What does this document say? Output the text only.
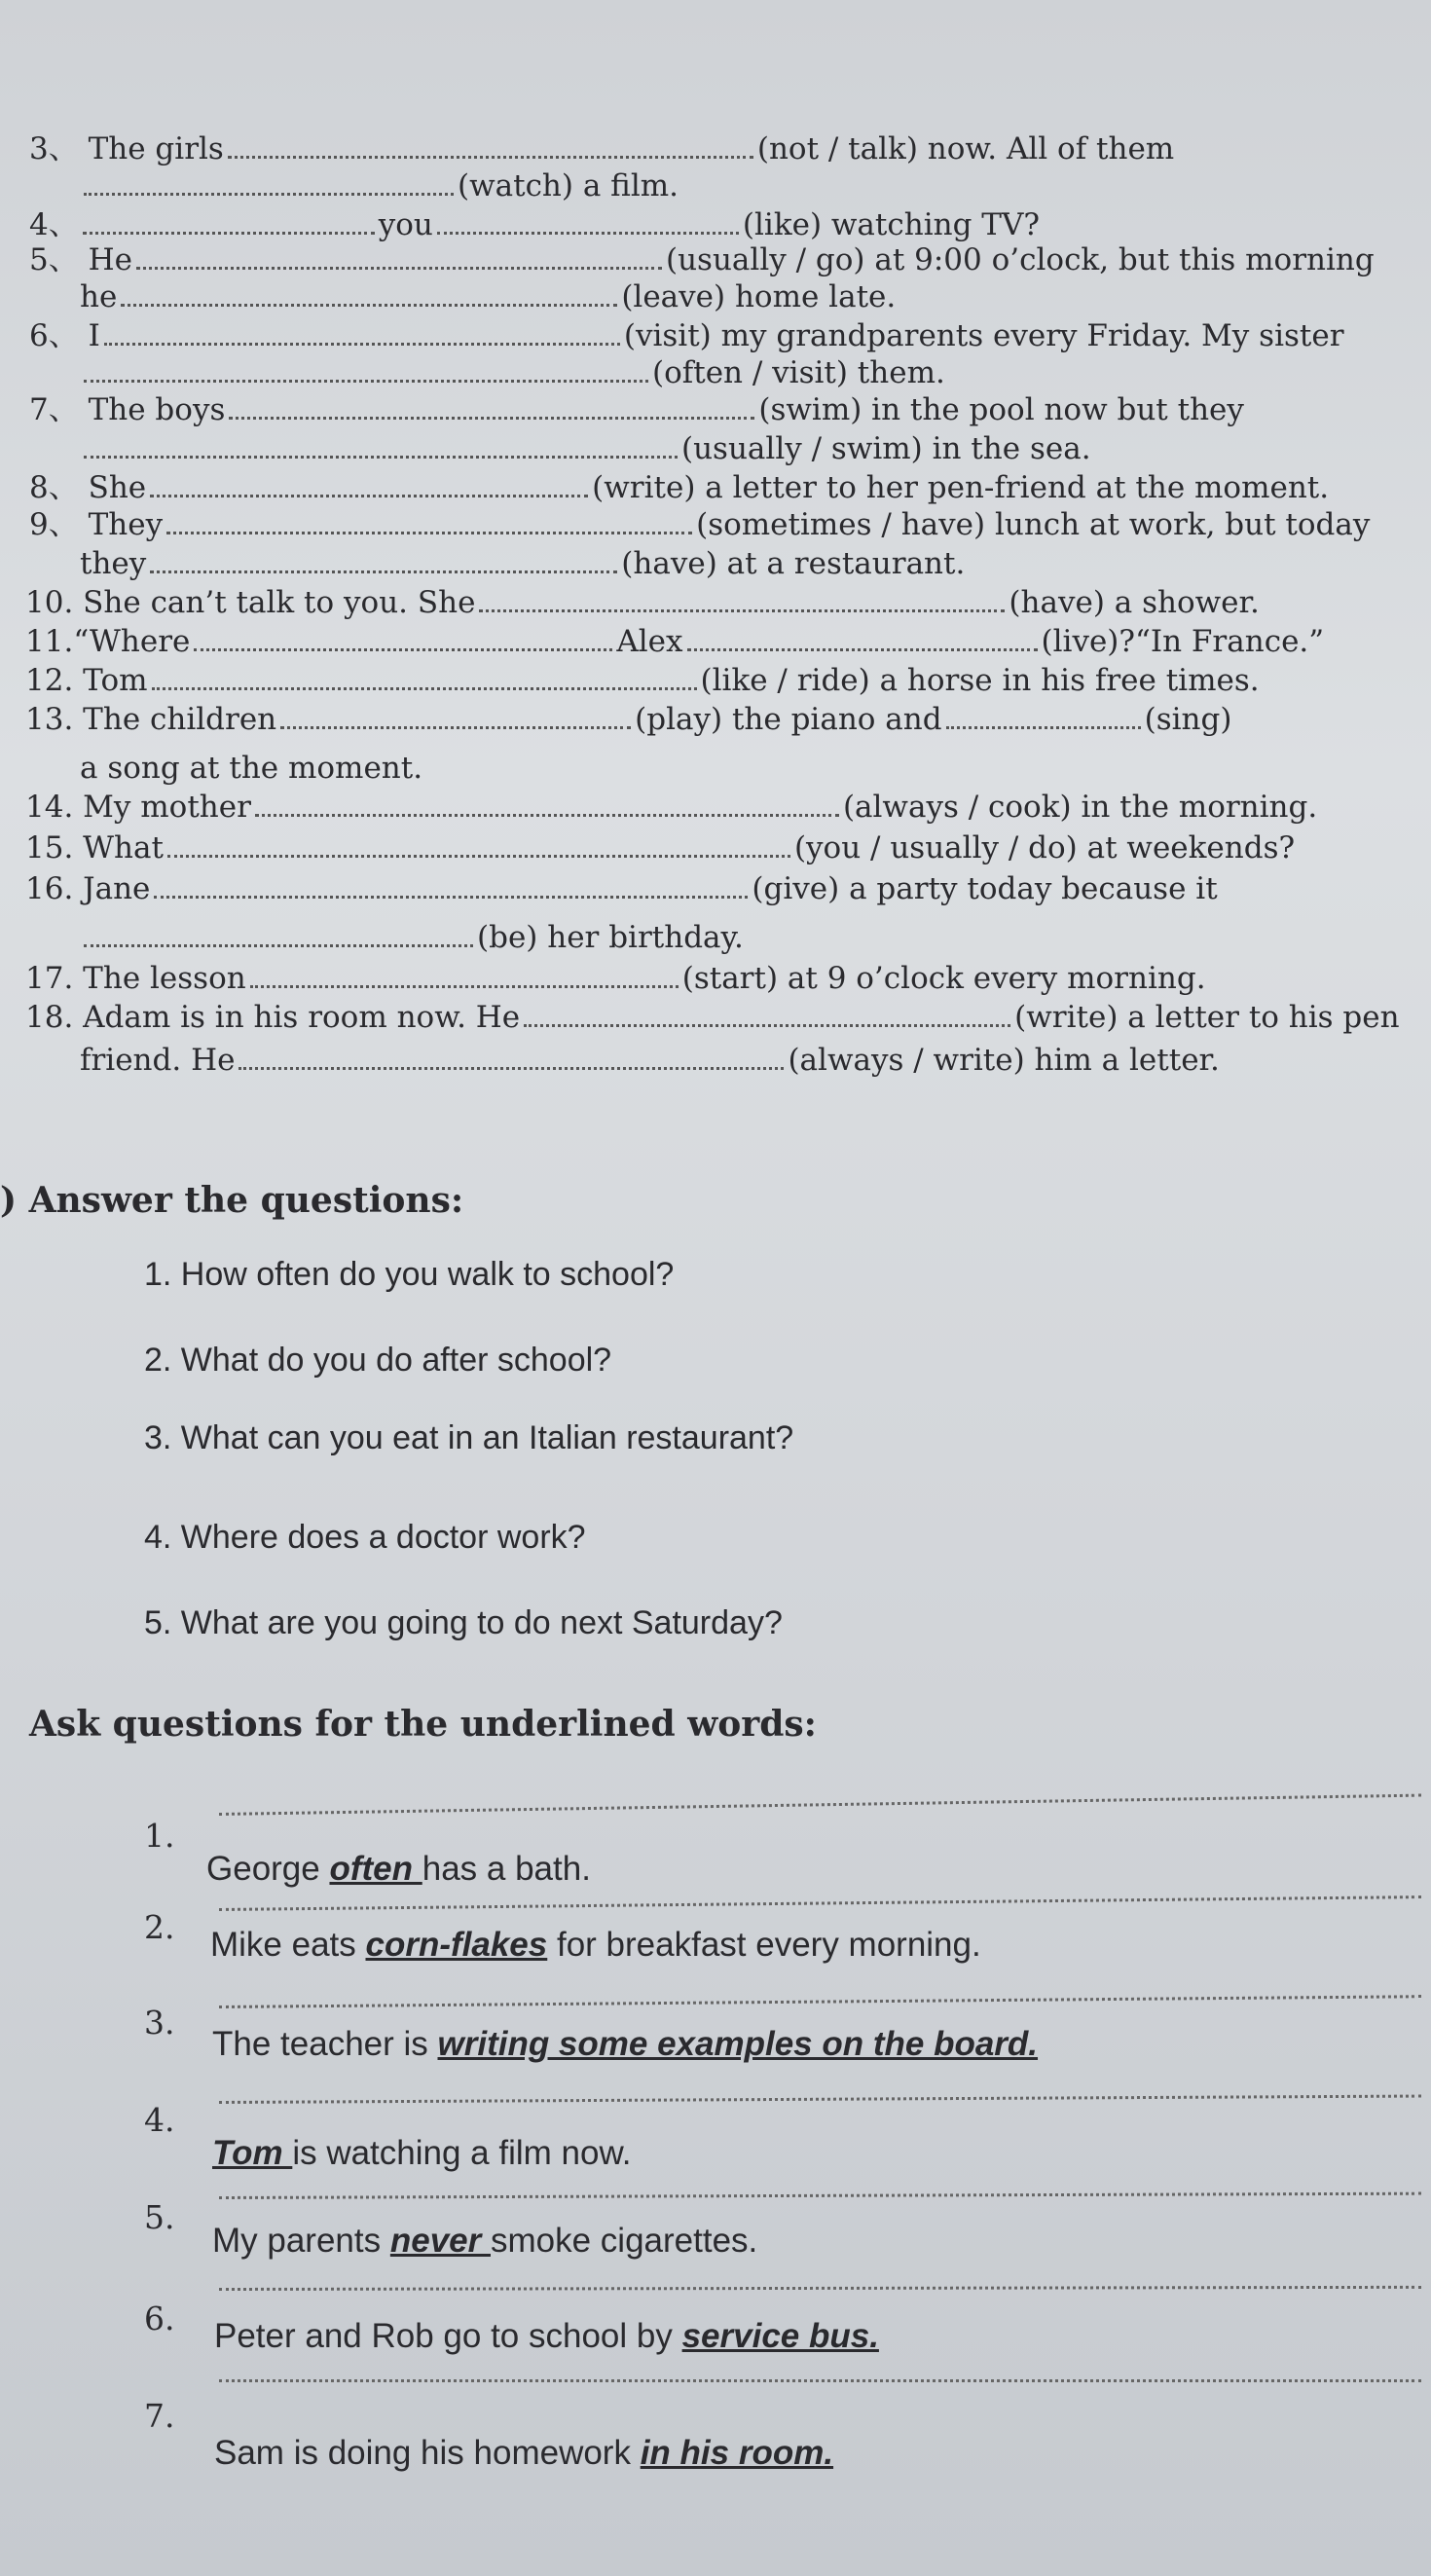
3、 The girls	(not / talk) now. All of them
(watch) a film.
4、	you	(like) watching TV?
5、 He	(usually / go) at 9:00 o’clock, but this morning
he	(leave) home late.
6、 I	(visit) my grandparents every Friday. My sister
(often / visit) them.
7、 The boys	(swim) in the pool now but they
(usually / swim) in the sea.
8、 She	(write) a letter to her pen-friend at the moment.
9、 They	(sometimes / have) lunch at work, but today
they	(have) at a restaurant.
10. She can’t talk to you. She	(have) a shower.
11.“Where	Alex	(live)?“In France.”
12. Tom	(like / ride) a horse in his free times.
13. The children	(play) the piano and	(sing)
a song at the moment.
14. My mother	(always / cook) in the morning.
15. What	(you / usually / do) at weekends?
16. Jane	(give) a party today because it
(be) her birthday.
17. The lesson	(start) at 9 o’clock every morning.
18. Adam is in his room now. He	(write) a letter to his pen
friend. He	(always / write) him a letter.
) Answer the questions:
1. How often do you walk to school?
2. What do you do after school?
3. What can you eat in an Italian restaurant?
4. Where does a doctor work?
5. What are you going to do next Saturday?
Ask questions for the underlined words:
1.
George often has a bath.
2. Mike eats corn-flakes for breakfast every morning.
3.
The teacher is writing some examples on the board.
4.
Tom is watching a film now.
5.
My parents never smoke cigarettes.
6. Peter and Rob go to school by service bus.
7.
Sam is doing his homework in his room.
